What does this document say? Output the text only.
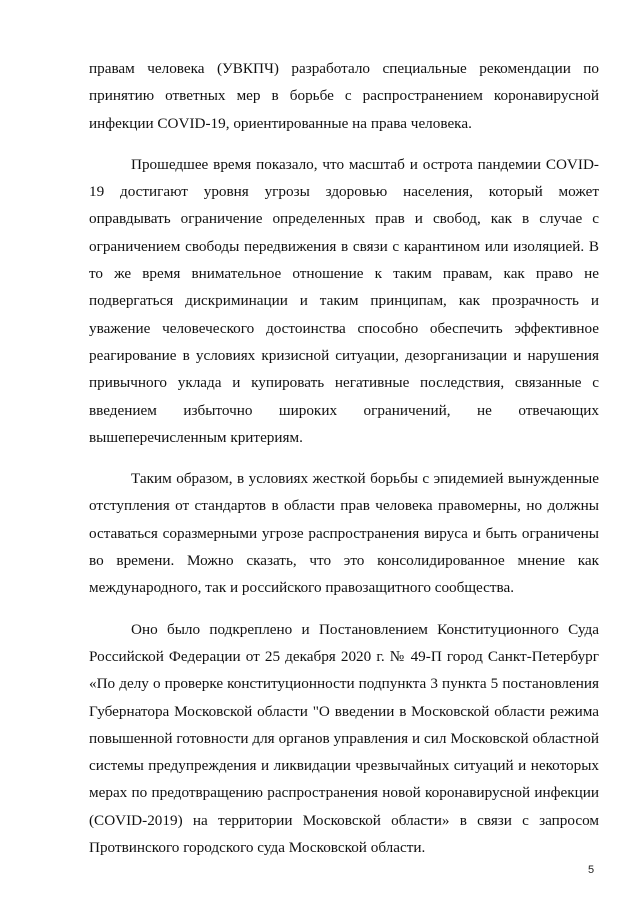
правам человека (УВКПЧ) разработало специальные рекомендации по принятию ответных мер в борьбе с распространением коронавирусной инфекции COVID-19, ориентированные на права человека.

Прошедшее время показало, что масштаб и острота пандемии COVID-19 достигают уровня угрозы здоровью населения, который может оправдывать ограничение определенных прав и свобод, как в случае с ограничением свободы передвижения в связи с карантином или изоляцией. В то же время внимательное отношение к таким правам, как право не подвергаться дискриминации и таким принципам, как прозрачность и уважение человеческого достоинства способно обеспечить эффективное реагирование в условиях кризисной ситуации, дезорганизации и нарушения привычного уклада и купировать негативные последствия, связанные с введением избыточно широких ограничений, не отвечающих вышеперечисленным критериям.

Таким образом, в условиях жесткой борьбы с эпидемией вынужденные отступления от стандартов в области прав человека правомерны, но должны оставаться соразмерными угрозе распространения вируса и быть ограничены во времени. Можно сказать, что это консолидированное мнение как международного, так и российского правозащитного сообщества.

Оно было подкреплено и Постановлением Конституционного Суда Российской Федерации от 25 декабря 2020 г. № 49-П город Санкт-Петербург «По делу о проверке конституционности подпункта 3 пункта 5 постановления Губернатора Московской области "О введении в Московской области режима повышенной готовности для органов управления и сил Московской областной системы предупреждения и ликвидации чрезвычайных ситуаций и некоторых мерах по предотвращению распространения новой коронавирусной инфекции (COVID-2019) на территории Московской области» в связи с запросом Протвинского городского суда Московской области.

5
